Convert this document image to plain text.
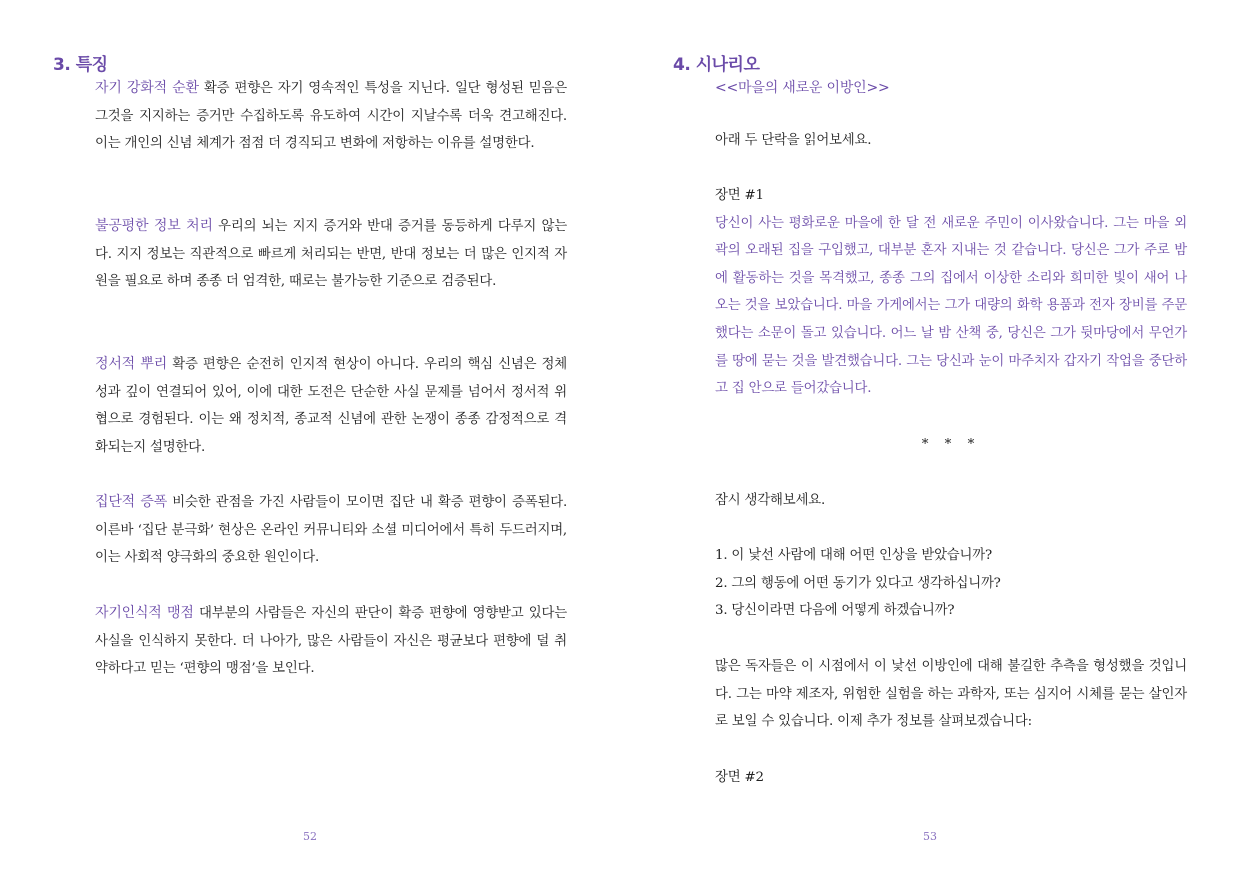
3. 특징

자기 강화적 순환 확증 편향은 자기 영속적인 특성을 지닌다. 일단 형성된 믿음은 그것을 지지하는 증거만 수집하도록 유도하여 시간이 지날수록 더욱 견고해진다. 이는 개인의 신념 체계가 점점 더 경직되고 변화에 저항하는 이유를 설명한다.

불공평한 정보 처리 우리의 뇌는 지지 증거와 반대 증거를 동등하게 다루지 않는다. 지지 정보는 직관적으로 빠르게 처리되는 반면, 반대 정보는 더 많은 인지적 자원을 필요로 하며 종종 더 엄격한, 때로는 불가능한 기준으로 검증된다.

정서적 뿌리 확증 편향은 순전히 인지적 현상이 아니다. 우리의 핵심 신념은 정체성과 깊이 연결되어 있어, 이에 대한 도전은 단순한 사실 문제를 넘어서 정서적 위협으로 경험된다. 이는 왜 정치적, 종교적 신념에 관한 논쟁이 종종 감정적으로 격화되는지 설명한다.

집단적 증폭 비슷한 관점을 가진 사람들이 모이면 집단 내 확증 편향이 증폭된다. 이른바 ‘집단 분극화’ 현상은 온라인 커뮤니티와 소셜 미디어에서 특히 두드러지며, 이는 사회적 양극화의 중요한 원인이다.

자기인식적 맹점 대부분의 사람들은 자신의 판단이 확증 편향에 영향받고 있다는 사실을 인식하지 못한다. 더 나아가, 많은 사람들이 자신은 평균보다 편향에 덜 취약하다고 믿는 ‘편향의 맹점’을 보인다.

52

4. 시나리오

<<마을의 새로운 이방인>>

아래 두 단락을 읽어보세요.

장면 #1

당신이 사는 평화로운 마을에 한 달 전 새로운 주민이 이사왔습니다. 그는 마을 외곽의 오래된 집을 구입했고, 대부분 혼자 지내는 것 같습니다. 당신은 그가 주로 밤에 활동하는 것을 목격했고, 종종 그의 집에서 이상한 소리와 희미한 빛이 새어 나오는 것을 보았습니다. 마을 가게에서는 그가 대량의 화학 용품과 전자 장비를 주문했다는 소문이 돌고 있습니다. 어느 날 밤 산책 중, 당신은 그가 뒷마당에서 무언가를 땅에 묻는 것을 발견했습니다. 그는 당신과 눈이 마주치자 갑자기 작업을 중단하고 집 안으로 들어갔습니다.

* * *

잠시 생각해보세요.

1. 이 낯선 사람에 대해 어떤 인상을 받았습니까?

2. 그의 행동에 어떤 동기가 있다고 생각하십니까?

3. 당신이라면 다음에 어떻게 하겠습니까?

많은 독자들은 이 시점에서 이 낯선 이방인에 대해 불길한 추측을 형성했을 것입니다. 그는 마약 제조자, 위험한 실험을 하는 과학자, 또는 심지어 시체를 묻는 살인자로 보일 수 있습니다. 이제 추가 정보를 살펴보겠습니다:

장면 #2

53
